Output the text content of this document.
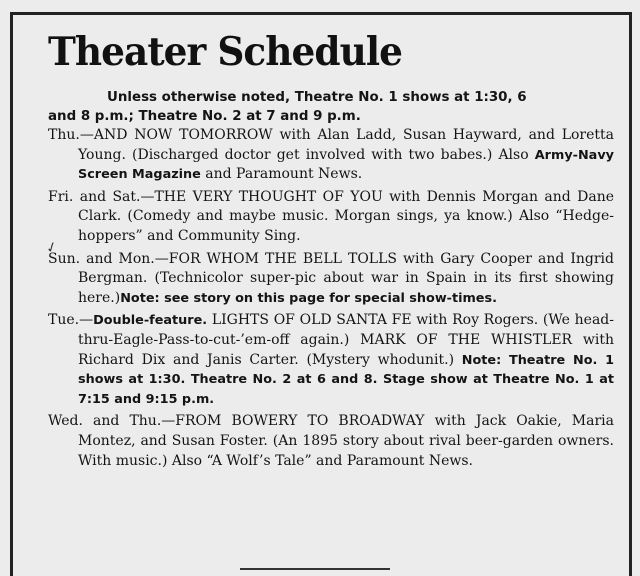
Theater Schedule
Unless otherwise noted, Theatre No. 1 shows at 1:30, 6
and 8 p.m.; Theatre No. 2 at 7 and 9 p.m.

Thu.—AND NOW TOMORROW with Alan Ladd, Susan Hayward, and Loretta Young. (Discharged doctor get involved with two babes.) Also Army-Navy Screen Magazine and Paramount News.

Fri. and Sat.—THE VERY THOUGHT OF YOU with Dennis Morgan and Dane Clark. (Comedy and maybe music. Morgan sings, ya know.) Also “Hedge-hoppers” and Community Sing.

Sun. and Mon.—FOR WHOM THE BELL TOLLS with Gary Cooper and Ingrid Bergman. (Technicolor super-pic about war in Spain in its first showing here.)Note: see story on this page for special show-times.

Tue.—Double-feature. LIGHTS OF OLD SANTA FE with Roy Rogers. (We head-thru-Eagle-Pass-to-cut-’em-off again.) MARK OF THE WHISTLER with Richard Dix and Janis Carter. (Mystery whodunit.) Note: Theatre No. 1 shows at 1:30. Theatre No. 2 at 6 and 8. Stage show at Theatre No. 1 at 7:15 and 9:15 p.m.

Wed. and Thu.—FROM BOWERY TO BROADWAY with Jack Oakie, Maria Montez, and Susan Foster. (An 1895 story about rival beer-garden owners. With music.) Also “A Wolf’s Tale” and Paramount News.

✓
